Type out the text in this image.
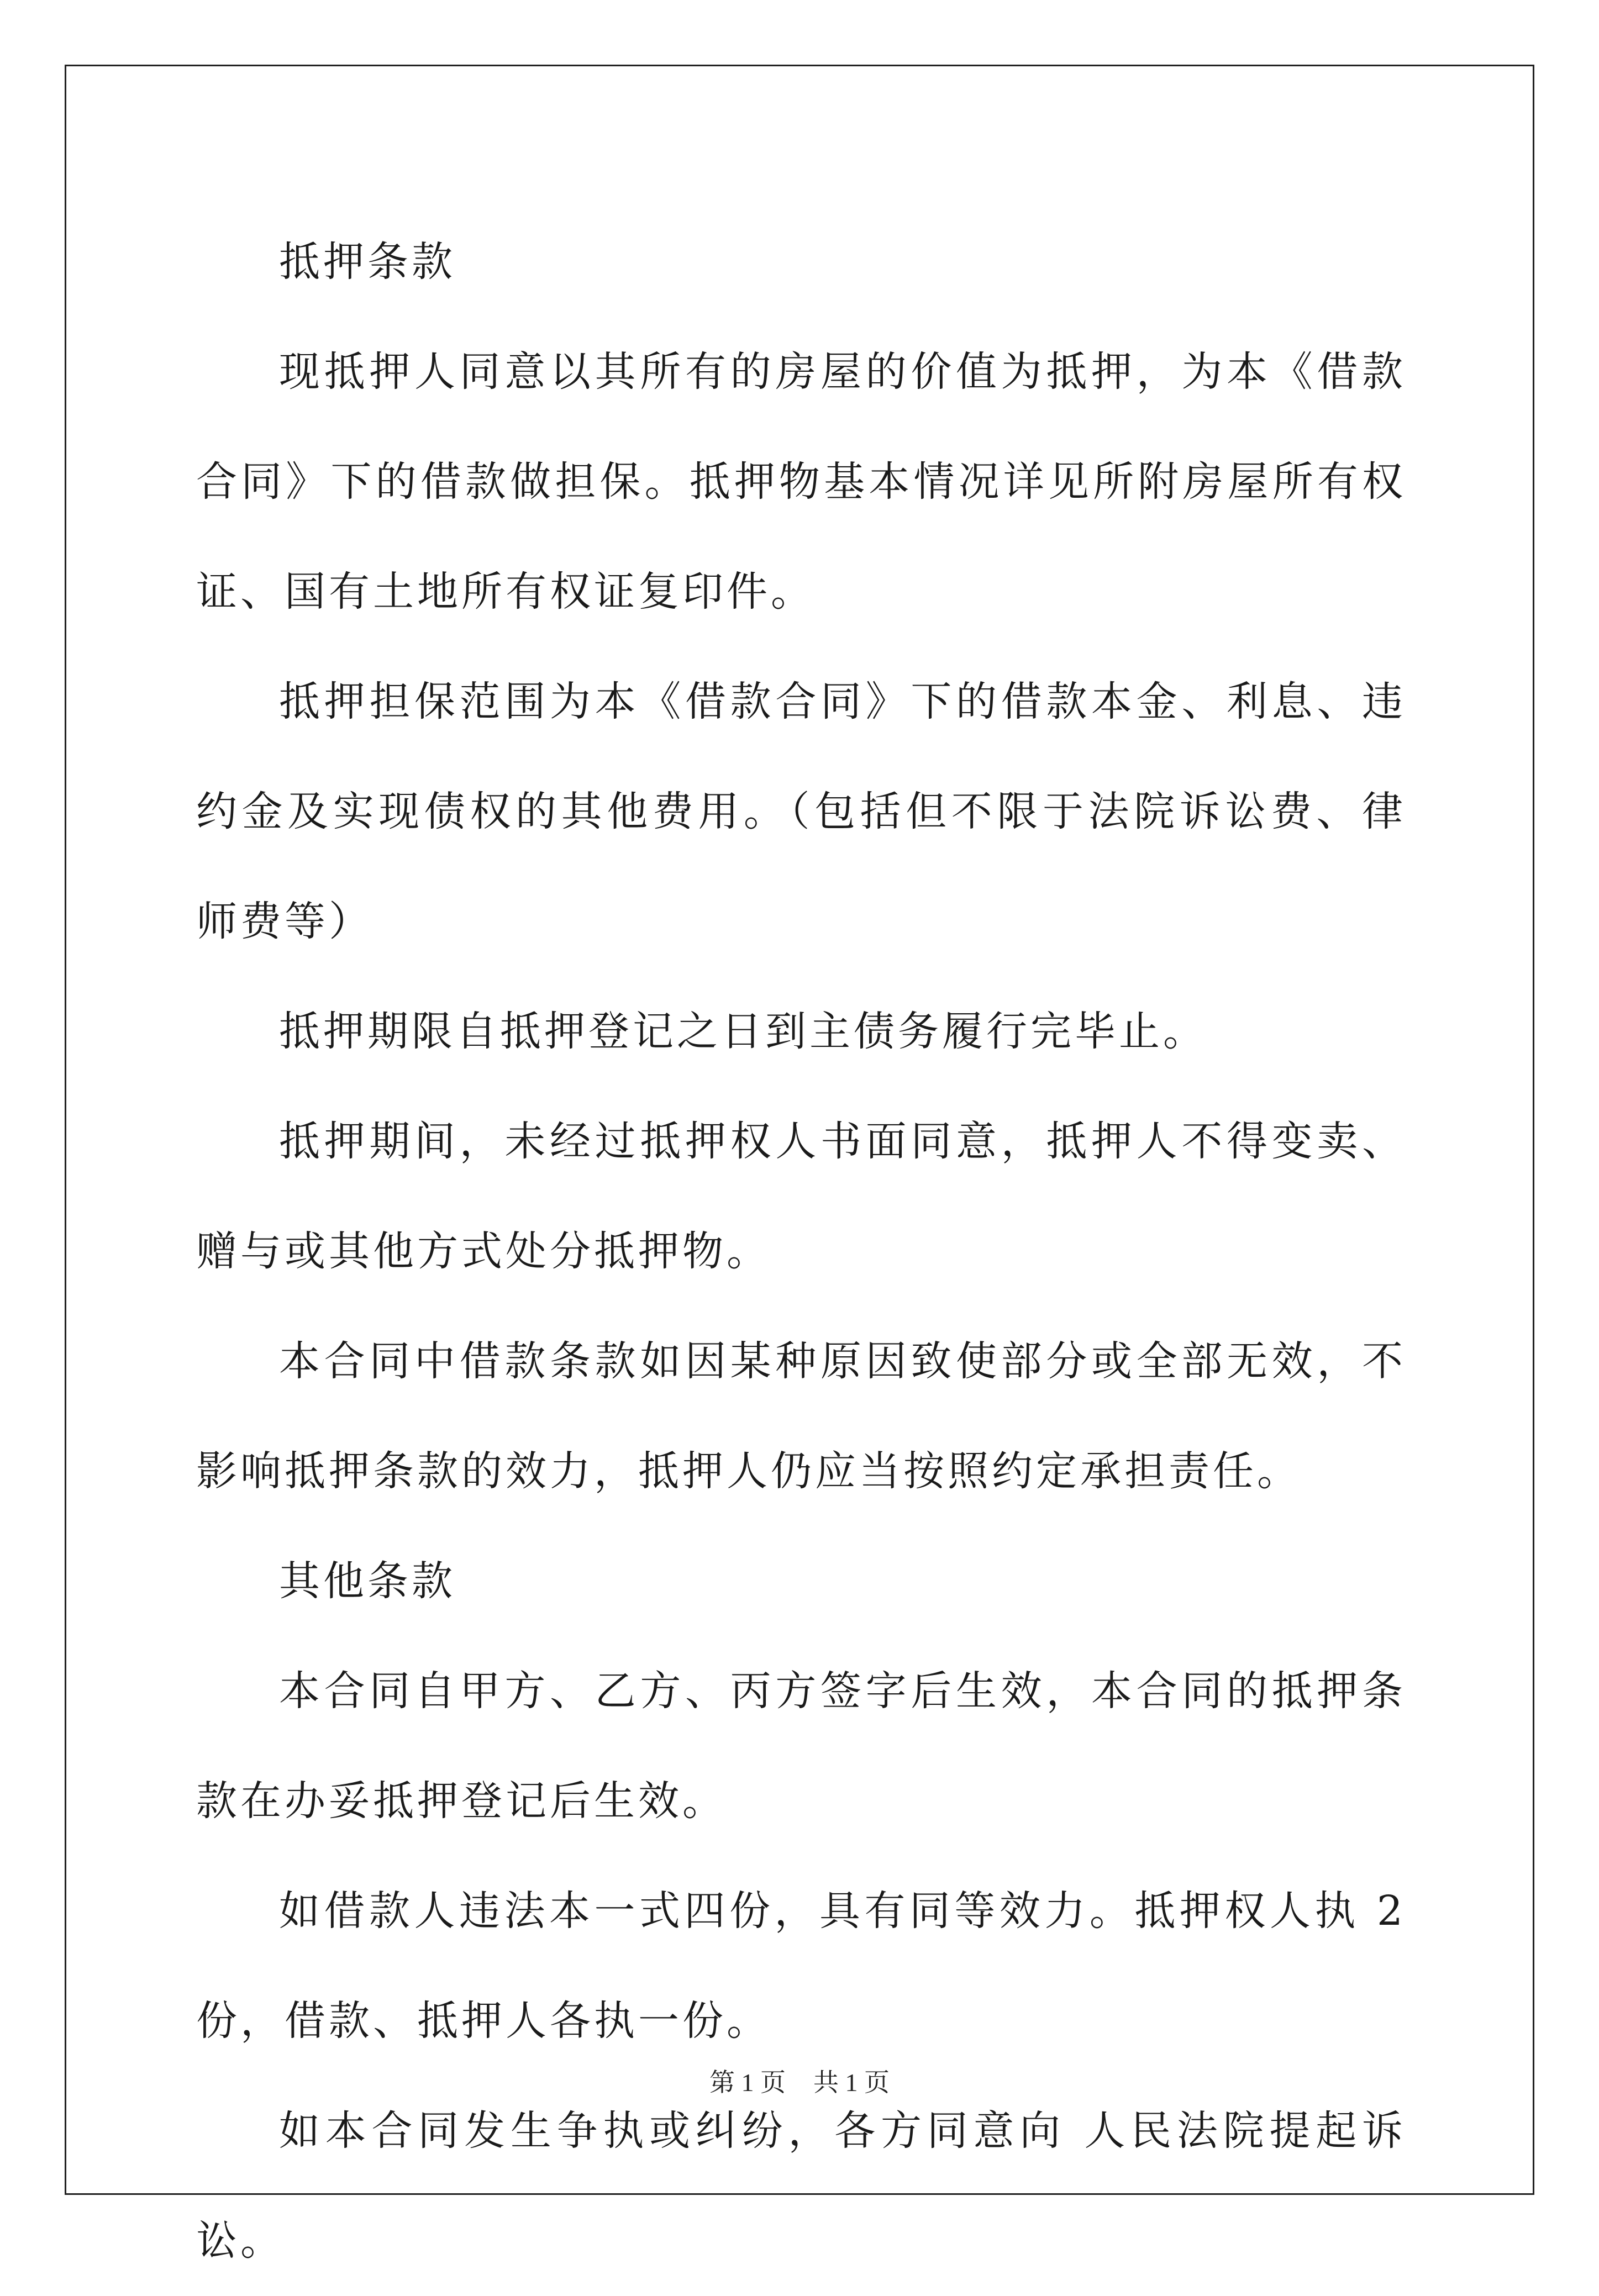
抵押条款

现抵押人同意以其所有的房屋的价值为抵押，为本《借款合同》下的借款做担保。抵押物基本情况详见所附房屋所有权证、国有土地所有权证复印件。

抵押担保范围为本《借款合同》下的借款本金、利息、违约金及实现债权的其他费用。（包括但不限于法院诉讼费、律师费等）

抵押期限自抵押登记之日到主债务履行完毕止。

抵押期间，未经过抵押权人书面同意，抵押人不得变卖、赠与或其他方式处分抵押物。

本合同中借款条款如因某种原因致使部分或全部无效，不影响抵押条款的效力，抵押人仍应当按照约定承担责任。

其他条款

本合同自甲方、乙方、丙方签字后生效，本合同的抵押条款在办妥抵押登记后生效。

如借款人违法本一式四份，具有同等效力。抵押权人执 2 份，借款、抵押人各执一份。

如本合同发生争执或纠纷，各方同意向 人民法院提起诉讼。

第 1 页 共 1 页
